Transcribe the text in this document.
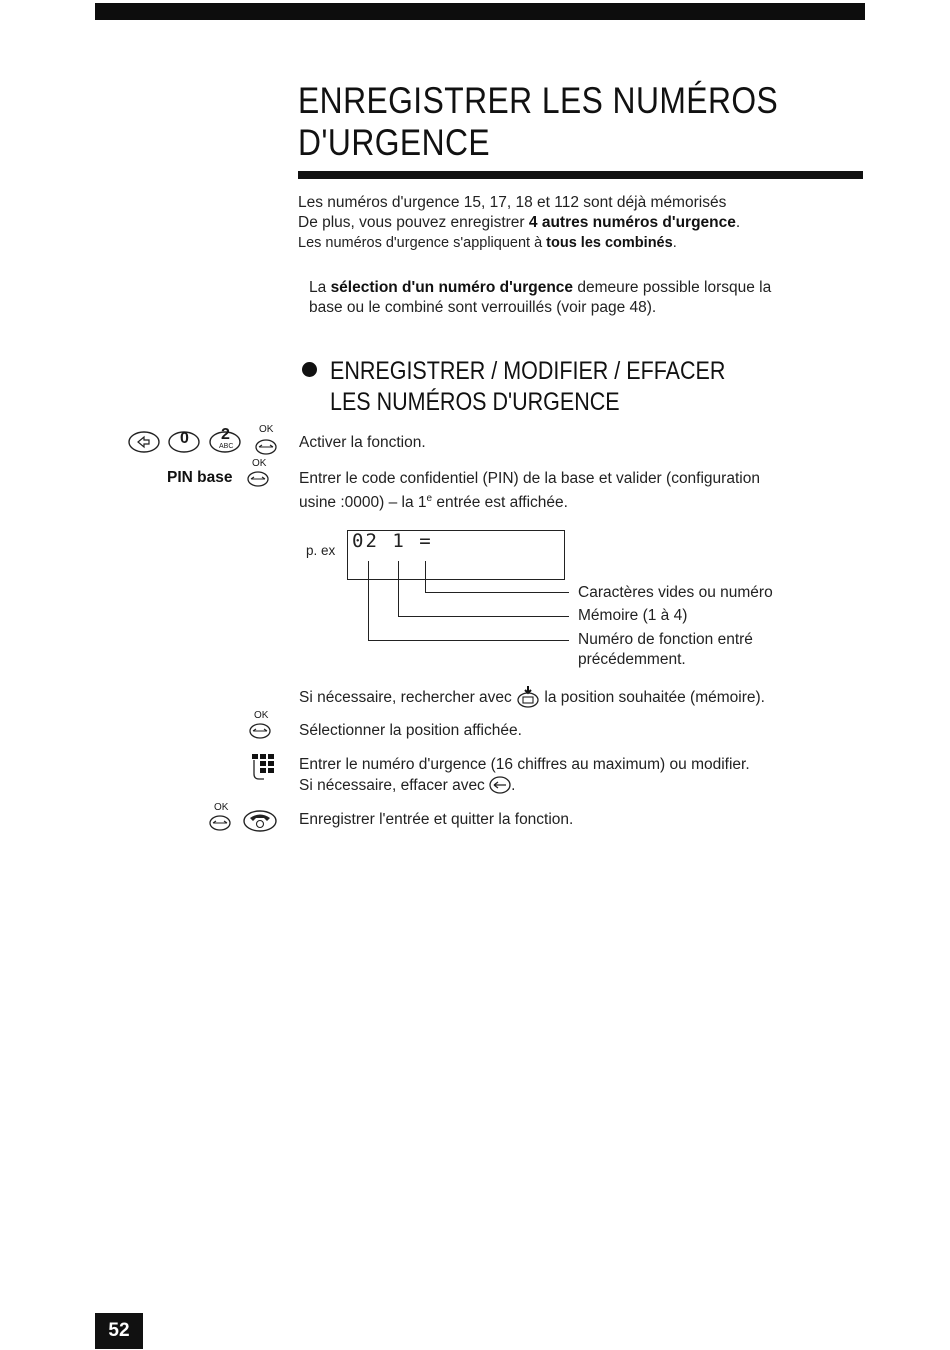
ENREGISTRER LES NUMÉROS
D'URGENCE
Les numéros d'urgence 15, 17, 18 et 112 sont déjà mémorisés
De plus, vous pouvez enregistrer 4 autres numéros d'urgence.
Les numéros d'urgence s'appliquent à tous les combinés.
La sélection d'un numéro d'urgence demeure possible lorsque la
base ou le combiné sont verrouillés (voir page 48).
ENREGISTRER / MODIFIER / EFFACER
LES NUMÉROS D'URGENCE
0 2
ABC
OK
Activer la fonction.
PIN base
OK
Entrer le code confidentiel (PIN) de la base et valider (configuration
usine :0000) – la 1e entrée est affichée.
p. ex 02 1 =
Caractères vides ou numéro
Mémoire (1 à 4)
Numéro de fonction entré
précédemment.
Si nécessaire, rechercher avec  la position souhaitée (mémoire).
OK
Sélectionner la position affichée.
Entrer le numéro d'urgence (16 chiffres au maximum) ou modifier.
Si nécessaire, effacer avec .
OK
Enregistrer l'entrée et quitter la fonction.
52
